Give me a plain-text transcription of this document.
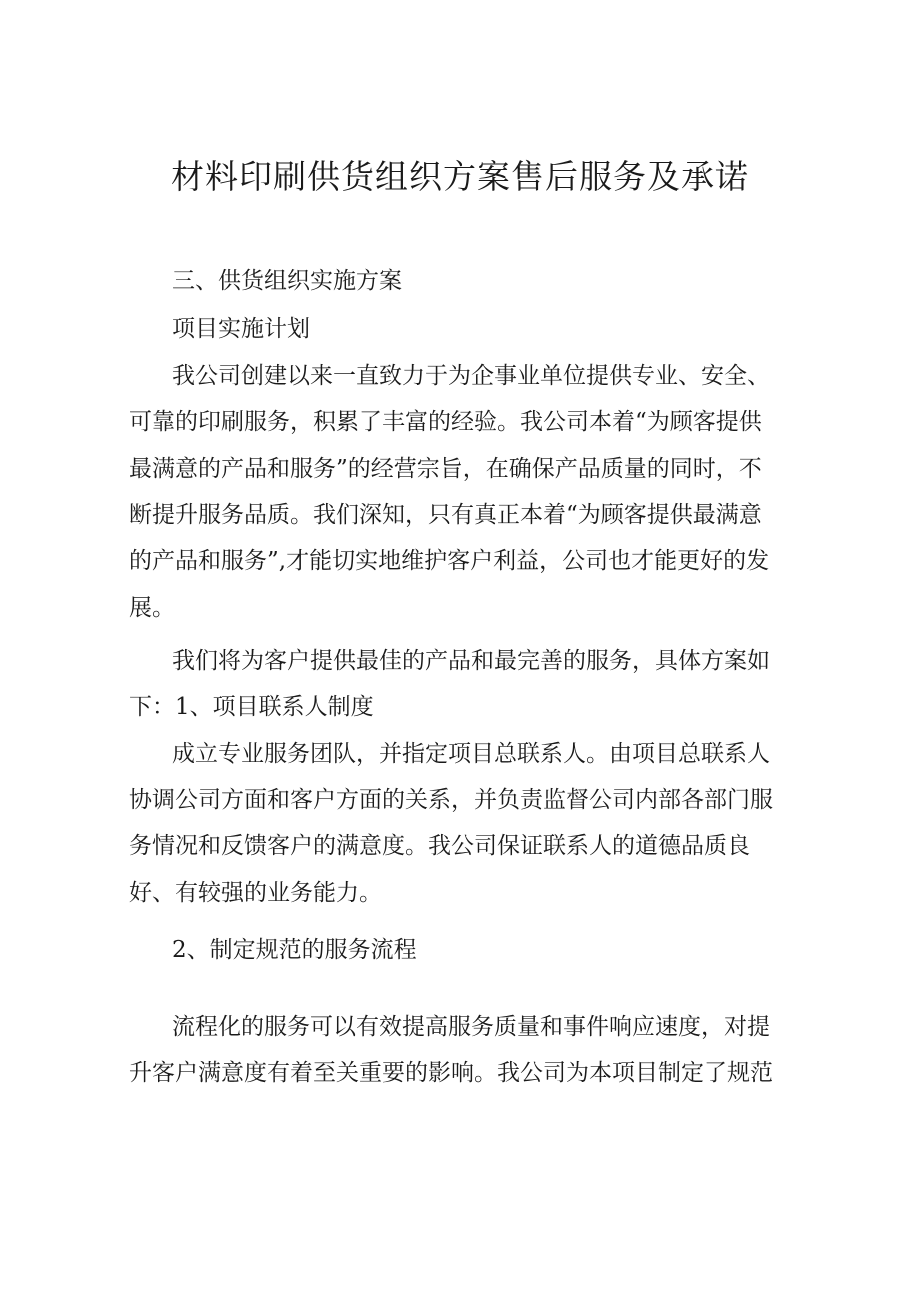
材料印刷供货组织方案售后服务及承诺

三、供货组织实施方案

项目实施计划

我公司创建以来一直致力于为企事业单位提供专业、安全、

可靠的印刷服务，积累了丰富的经验。我公司本着“为顾客提供

最满意的产品和服务”的经营宗旨，在确保产品质量的同时，不

断提升服务品质。我们深知，只有真正本着“为顾客提供最满意

的产品和服务”,才能切实地维护客户利益，公司也才能更好的发

展。

我们将为客户提供最佳的产品和最完善的服务，具体方案如

下：1、项目联系人制度

成立专业服务团队，并指定项目总联系人。由项目总联系人

协调公司方面和客户方面的关系，并负责监督公司内部各部门服

务情况和反馈客户的满意度。我公司保证联系人的道德品质良

好、有较强的业务能力。

2、制定规范的服务流程

流程化的服务可以有效提高服务质量和事件响应速度，对提

升客户满意度有着至关重要的影响。我公司为本项目制定了规范
